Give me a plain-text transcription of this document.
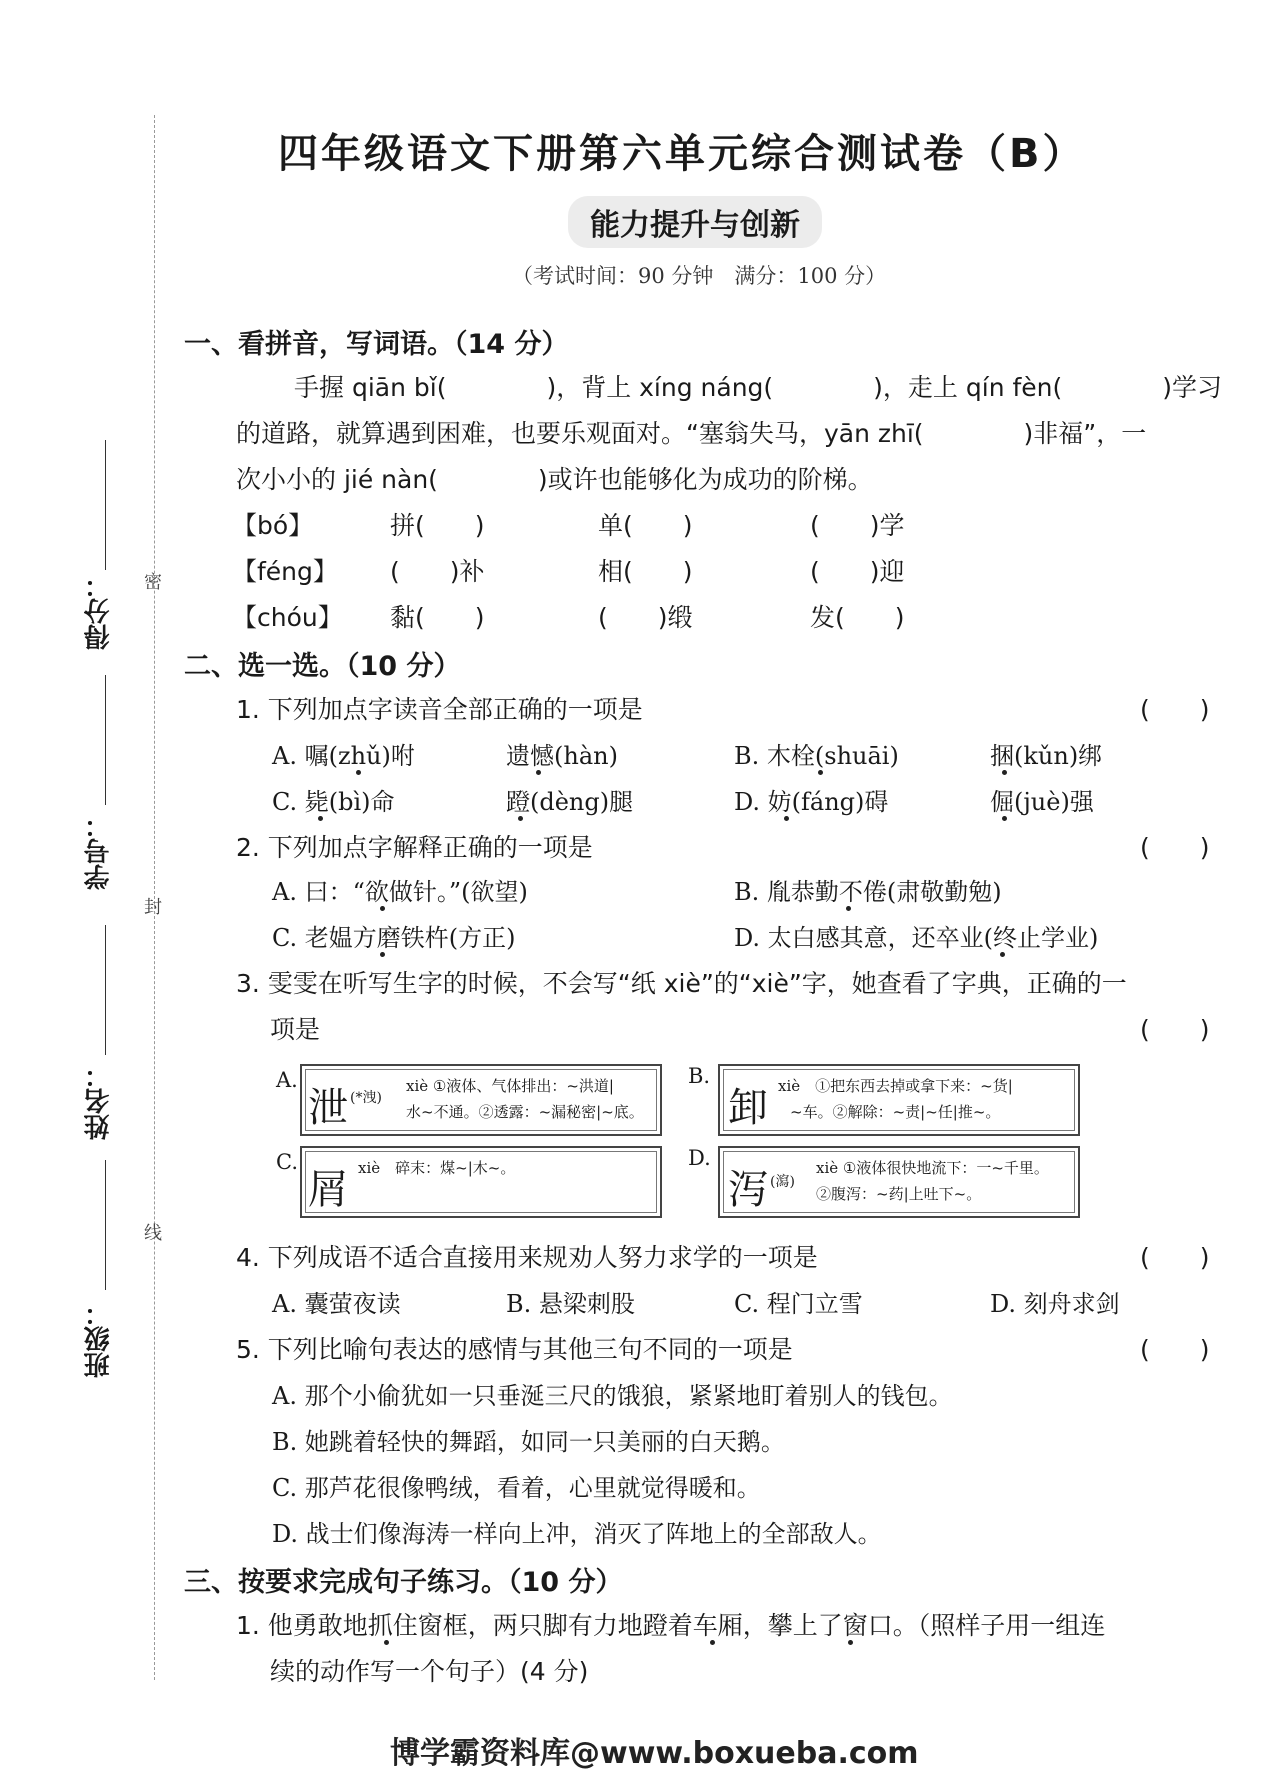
密
封
线
得分：
学号：
姓名：
班级：
四年级语文下册第六单元综合测试卷（B）
能力提升与创新
（考试时间：90 分钟　满分：100 分）
一、看拼音，写词语。（14 分）
手握 qiān bǐ(　　　　)，背上 xíng náng(　　　　)，走上 qín fèn(　　　　)学习
的道路，就算遇到困难，也要乐观面对。“塞翁失马，yān zhī(　　　　)非福”，一
次小小的 jié nàn(　　　　)或许也能够化为成功的阶梯。
【bó】	拼(　　)	单(　　)	(　　)学
【féng】 (　　)补	相(　　)	(　　)迎
【chóu】 黏(　　)	(　　)缎	发(　　)
二、选一选。（10 分）
1. 下列加点字读音全部正确的一项是	(　　)
A. 嘱(zhǔ)咐	遗憾(hàn)	B. 木栓(shuāi)	捆(kǔn)绑
C. 毙(bì)命	蹬(dèng)腿	D. 妨(fáng)碍	倔(juè)强
2. 下列加点字解释正确的一项是	(　　)
A. 曰：“欲做针。”(欲望)	B. 胤恭勤不倦(肃敬勤勉)
C. 老媪方磨铁杵(方正)	D. 太白感其意，还卒业(终止学业)
3. 雯雯在听写生字的时候，不会写“纸 xiè”的“xiè”字，她查看了字典，正确的一
项是	(　　)
A.
泄 (*洩)
xiè ①液体、气体排出：~洪道|
水~不通。②透露：~漏秘密|~底。
B.
卸 xiè　①把东西去掉或拿下来：~货|
~车。②解除：~责|~任|推~。
C.
屑 xiè　碎末：煤~|木~。	D.
泻 (瀉)
xiè ①液体很快地流下：一~千里。
②腹泻：~药|上吐下~。
4. 下列成语不适合直接用来规劝人努力求学的一项是	(　　)
A. 囊萤夜读	B. 悬梁刺股	C. 程门立雪	D. 刻舟求剑
5. 下列比喻句表达的感情与其他三句不同的一项是	(　　)
A. 那个小偷犹如一只垂涎三尺的饿狼，紧紧地盯着别人的钱包。
B. 她跳着轻快的舞蹈，如同一只美丽的白天鹅。
C. 那芦花很像鸭绒，看着，心里就觉得暖和。
D. 战士们像海涛一样向上冲，消灭了阵地上的全部敌人。
三、按要求完成句子练习。（10 分）
1. 他勇敢地抓住窗框，两只脚有力地蹬着车厢，攀上了窗口。（照样子用一组连
续的动作写一个句子）(4 分)
博学霸资料库@www.boxueba.com
